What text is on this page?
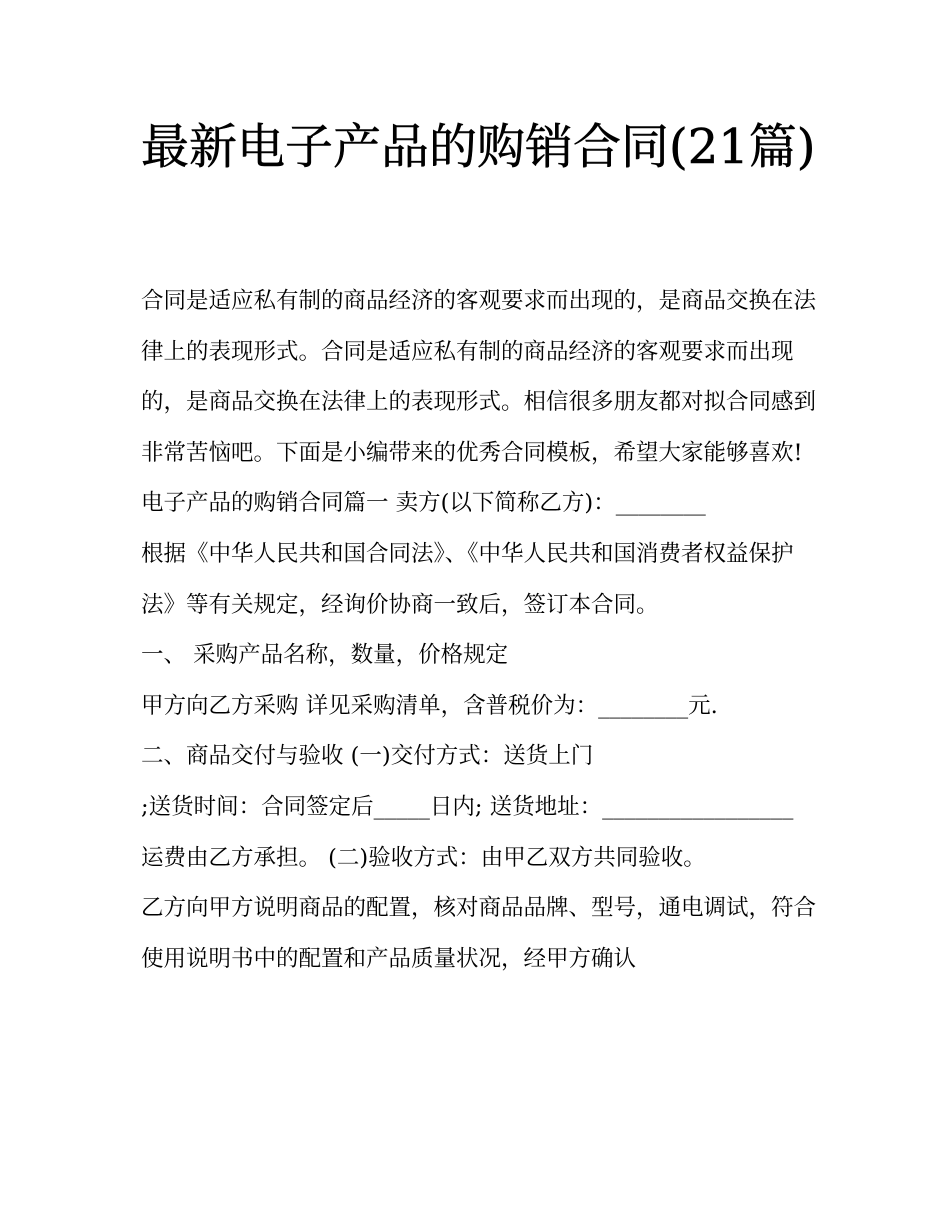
最新电子产品的购销合同(21篇)

合同是适应私有制的商品经济的客观要求而出现的，是商品交换在法律上的表现形式。合同是适应私有制的商品经济的客观要求而出现的，是商品交换在法律上的表现形式。相信很多朋友都对拟合同感到非常苦恼吧。下面是小编带来的优秀合同模板，希望大家能够喜欢!

电子产品的购销合同篇一 卖方(以下简称乙方)：________

根据《中华人民共和国合同法》、《中华人民共和国消费者权益保护法》等有关规定，经询价协商一致后，签订本合同。

一、 采购产品名称，数量，价格规定

甲方向乙方采购 详见采购清单，含普税价为：________元.

二、商品交付与验收 (一)交付方式：送货上门

;送货时间：合同签定后_____日内; 送货地址：_________________ 运费由乙方承担。 (二)验收方式：由甲乙双方共同验收。

乙方向甲方说明商品的配置，核对商品品牌、型号，通电调试，符合使用说明书中的配置和产品质量状况，经甲方确认
